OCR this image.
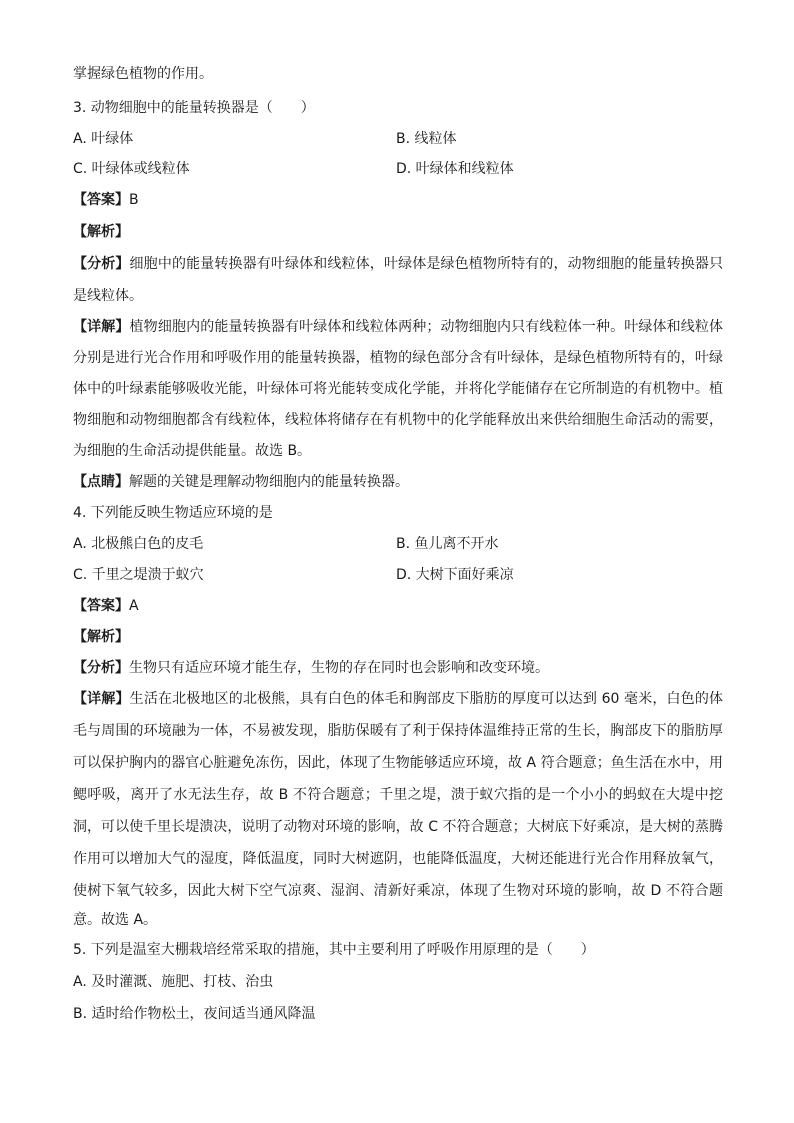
掌握绿色植物的作用。
3. 动物细胞中的能量转换器是（　　）
A. 叶绿体	B. 线粒体
C. 叶绿体或线粒体	D. 叶绿体和线粒体
【答案】B
【解析】
【分析】细胞中的能量转换器有叶绿体和线粒体，叶绿体是绿色植物所特有的，动物细胞的能量转换器只
是线粒体。
【详解】植物细胞内的能量转换器有叶绿体和线粒体两种；动物细胞内只有线粒体一种。叶绿体和线粒体
分别是进行光合作用和呼吸作用的能量转换器，植物的绿色部分含有叶绿体，是绿色植物所特有的，叶绿
体中的叶绿素能够吸收光能，叶绿体可将光能转变成化学能，并将化学能储存在它所制造的有机物中。植
物细胞和动物细胞都含有线粒体，线粒体将储存在有机物中的化学能释放出来供给细胞生命活动的需要，
为细胞的生命活动提供能量。故选 B。
【点睛】解题的关键是理解动物细胞内的能量转换器。
4. 下列能反映生物适应环境的是
A. 北极熊白色的皮毛	B. 鱼儿离不开水
C. 千里之堤溃于蚁穴	D. 大树下面好乘凉
【答案】A
【解析】
【分析】生物只有适应环境才能生存，生物的存在同时也会影响和改变环境。
【详解】生活在北极地区的北极熊，具有白色的体毛和胸部皮下脂肪的厚度可以达到 60 毫米，白色的体
毛与周围的环境融为一体，不易被发现，脂肪保暖有了利于保持体温维持正常的生长，胸部皮下的脂肪厚
可以保护胸内的器官心脏避免冻伤，因此，体现了生物能够适应环境，故 A 符合题意；鱼生活在水中，用
鳃呼吸，离开了水无法生存，故 B 不符合题意；千里之堤，溃于蚁穴指的是一个小小的蚂蚁在大堤中挖
洞，可以使千里长堤溃决，说明了动物对环境的影响，故 C 不符合题意；大树底下好乘凉，是大树的蒸腾
作用可以增加大气的湿度，降低温度，同时大树遮阴，也能降低温度，大树还能进行光合作用释放氧气，
使树下氧气较多，因此大树下空气凉爽、湿润、清新好乘凉，体现了生物对环境的影响，故 D 不符合题
意。故选 A。
5. 下列是温室大棚栽培经常采取的措施，其中主要利用了呼吸作用原理的是（　　）
A. 及时灌溉、施肥、打枝、治虫
B. 适时给作物松土，夜间适当通风降温
